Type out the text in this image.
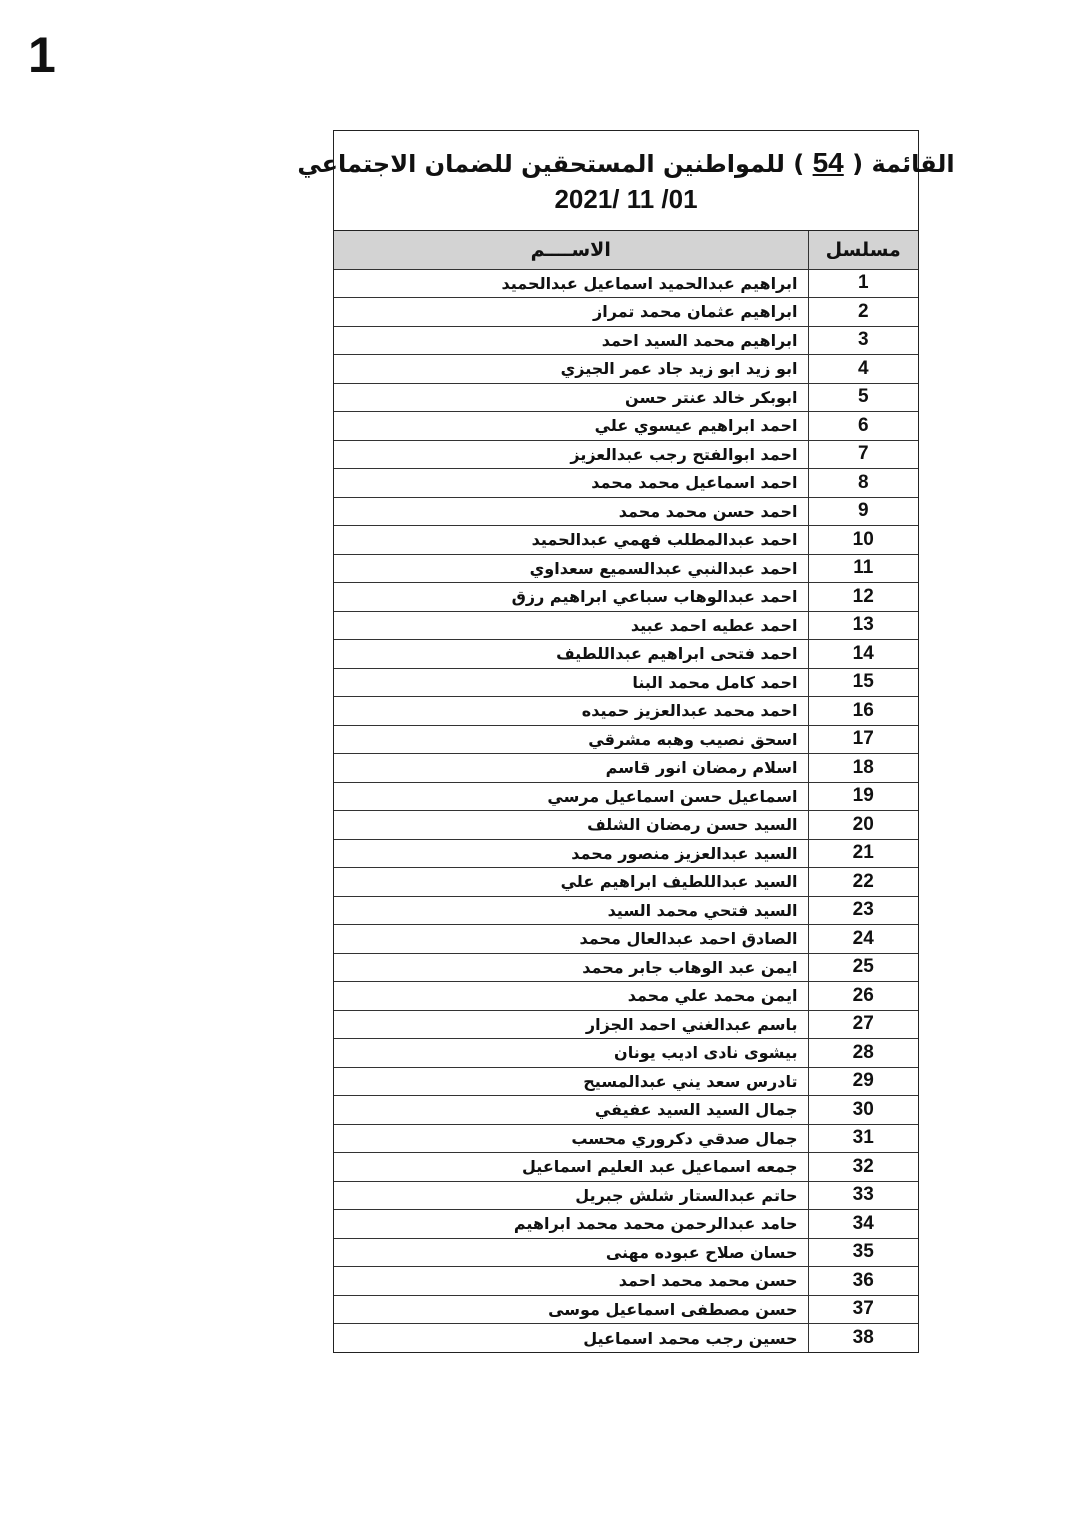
1
القائمة ( 54 ) للمواطنين المستحقين للضمان الاجتماعي
2021/ 11 /01
مسلسل	الاســــم
1	ابراهيم عبدالحميد اسماعيل عبدالحميد
2	ابراهيم عثمان محمد تمراز
3	ابراهيم محمد السيد احمد
4	ابو زيد ابو زيد جاد عمر الجيزي
5	ابوبكر خالد عنتر حسن
6	احمد ابراهيم عيسوي علي
7	احمد ابوالفتح رجب عبدالعزيز
8	احمد اسماعيل محمد محمد
9	احمد حسن محمد محمد
10	احمد عبدالمطلب فهمي عبدالحميد
11	احمد عبدالنبي عبدالسميع سعداوي
12	احمد عبدالوهاب سباعي ابراهيم رزق
13	احمد عطيه احمد عبيد
14	احمد فتحى ابراهيم عبداللطيف
15	احمد كامل محمد البنا
16	احمد محمد عبدالعزيز حميده
17	اسحق نصيب وهبه مشرقي
18	اسلام رمضان انور قاسم
19	اسماعيل حسن اسماعيل مرسي
20	السيد حسن رمضان الشلف
21	السيد عبدالعزيز منصور محمد
22	السيد عبداللطيف ابراهيم علي
23	السيد فتحي محمد السيد
24	الصادق احمد عبدالعال محمد
25	ايمن عبد الوهاب جابر محمد
26	ايمن محمد علي محمد
27	باسم عبدالغني احمد الجزار
28	بيشوى نادى اديب يونان
29	تادرس سعد يني عبدالمسيح
30	جمال السيد السيد عفيفي
31	جمال صدقي دكروري محسب
32	جمعه اسماعيل عبد العليم اسماعيل
33	حاتم عبدالستار شلش جبريل
34	حامد عبدالرحمن محمد محمد ابراهيم
35	حسان صلاح عبوده مهنى
36	حسن محمد محمد احمد
37	حسن مصطفى اسماعيل موسى
38	حسين رجب محمد اسماعيل
